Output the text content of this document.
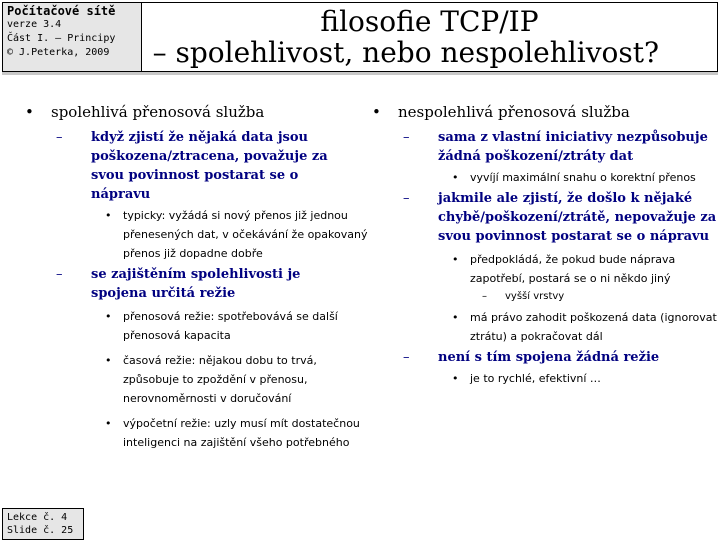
Počítačové sítě
verze 3.4
Část I. – Principy
© J.Peterka, 2009
filosofie TCP/IP
– spolehlivost, nebo nespolehlivost?
• spolehlivá přenosová služba
– když zjistí že nějaká data jsou poškozena/ztracena, považuje za svou povinnost postarat se o nápravu
• typicky: vyžádá si nový přenos již jednou přenesených dat, v očekávání že opakovaný přenos již dopadne dobře
– se zajištěním spolehlivosti je spojena určitá režie
• přenosová režie: spotřebovává se další přenosová kapacita
• časová režie: nějakou dobu to trvá, způsobuje to zpoždění v přenosu, nerovnoměrnosti v doručování
• výpočetní režie: uzly musí mít dostatečnou inteligenci na zajištění všeho potřebného
• nespolehlivá přenosová služba
– sama z vlastní iniciativy nezpůsobuje žádná poškození/ztráty dat
• vyvíjí maximální snahu o korektní přenos
– jakmile ale zjistí, že došlo k nějaké chybě/poškození/ztrátě, nepovažuje za svou povinnost postarat se o nápravu
• předpokládá, že pokud bude náprava zapotřebí, postará se o ni někdo jiný
– vyšší vrstvy
• má právo zahodit poškozená data (ignorovat ztrátu) a pokračovat dál
– není s tím spojena žádná režie
• je to rychlé, efektivní …
Lekce č. 4
Slide č. 25
